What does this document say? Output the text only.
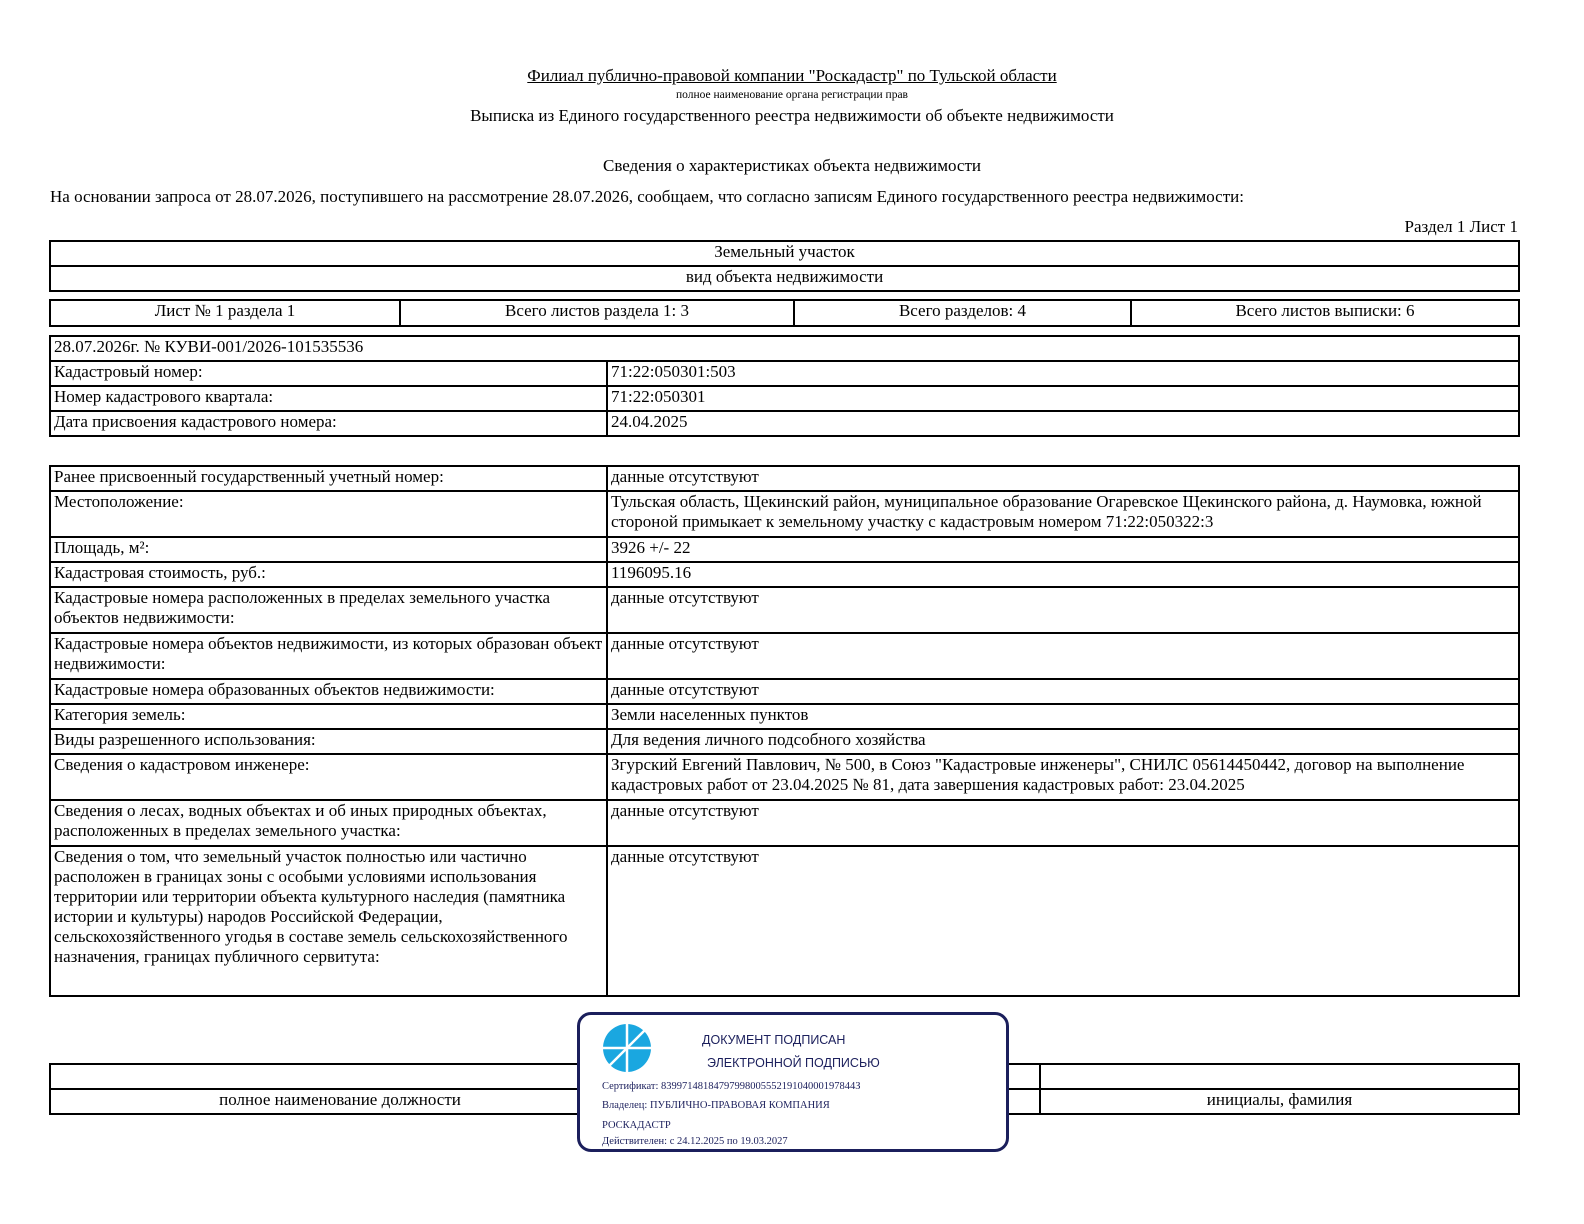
Филиал публично-правовой компании "Роскадастр" по Тульской области
полное наименование органа регистрации прав
Выписка из Единого государственного реестра недвижимости об объекте недвижимости
Сведения о характеристиках объекта недвижимости
На основании запроса от 28.07.2026, поступившего на рассмотрение 28.07.2026, сообщаем, что согласно записям Единого государственного реестра недвижимости:
Раздел 1 Лист 1
Земельный участок
вид объекта недвижимости
Лист № 1 раздела 1	Всего листов раздела 1: 3	Всего разделов: 4	Всего листов выписки: 6
28.07.2026г. № КУВИ-001/2026-101535536	
Кадастровый номер:	71:22:050301:503
Номер кадастрового квартала:	71:22:050301
Дата присвоения кадастрового номера:	24.04.2025
Ранее присвоенный государственный учетный номер:	данные отсутствуют
Местоположение:	Тульская область, Щекинский район, муниципальное образование Огаревское Щекинского района, д. Наумовка, южной стороной примыкает к земельному участку с кадастровым номером 71:22:050322:3
Площадь, м²:	3926 +/- 22
Кадастровая стоимость, руб.:	1196095.16
Кадастровые номера расположенных в пределах земельного участка объектов недвижимости:	данные отсутствуют
Кадастровые номера объектов недвижимости, из которых образован объект недвижимости:	данные отсутствуют
Кадастровые номера образованных объектов недвижимости:	данные отсутствуют
Категория земель:	Земли населенных пунктов
Виды разрешенного использования:	Для ведения личного подсобного хозяйства
Сведения о кадастровом инженере:	Згурский Евгений Павлович, № 500, в Союз "Кадастровые инженеры", СНИЛС 05614450442, договор на выполнение кадастровых работ от 23.04.2025 № 81, дата завершения кадастровых работ: 23.04.2025
Сведения о лесах, водных объектах и об иных природных объектах, расположенных в пределах земельного участка:	данные отсутствуют
Сведения о том, что земельный участок полностью или частично расположен в границах зоны с особыми условиями использования территории или территории объекта культурного наследия (памятника истории и культуры) народов Российской Федерации, сельскохозяйственного угодья в составе земель сельскохозяйственного назначения, границах публичного сервитута:	данные отсутствуют

полное наименование должности		инициалы, фамилия
ДОКУМЕНТ ПОДПИСАН
ЭЛЕКТРОННОЙ ПОДПИСЬЮ
Сертификат: 8399714818479799800555219104000197844З
Владелец: ПУБЛИЧНО-ПРАВОВАЯ КОМПАНИЯ
РОСКАДАСТР
Действителен: с 24.12.2025 по 19.03.2027
